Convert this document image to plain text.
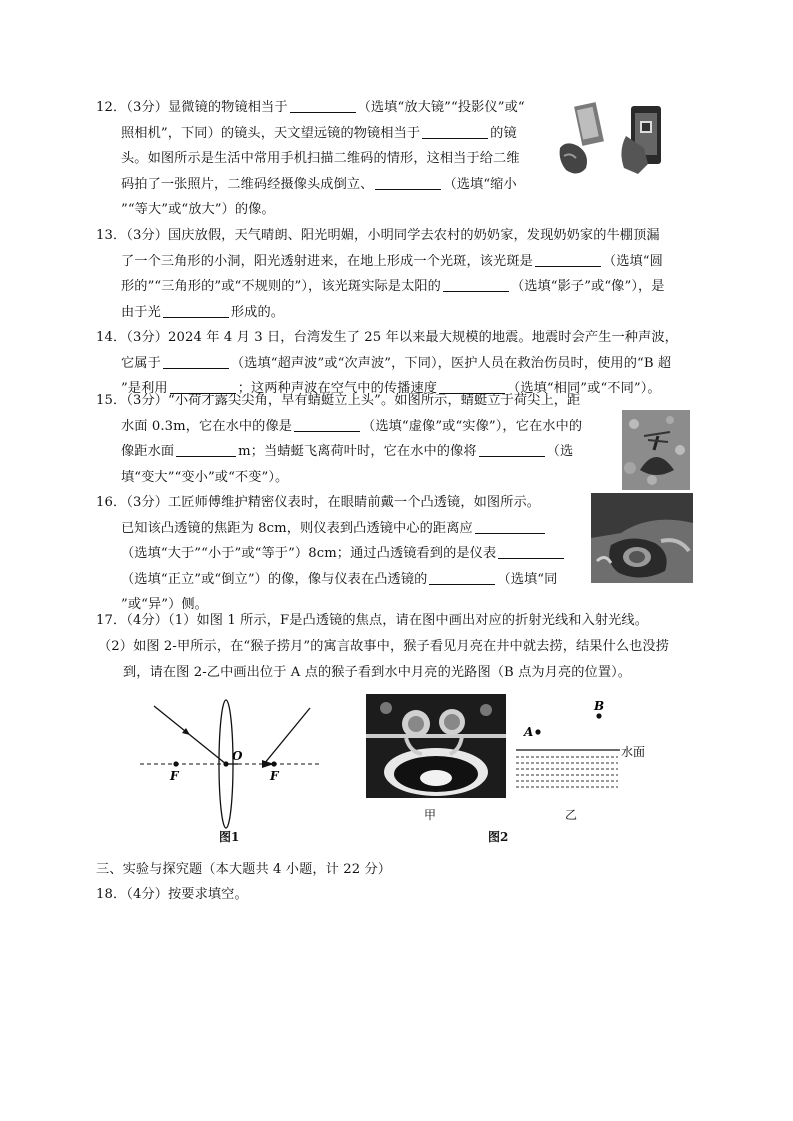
12．（3分）显微镜的物镜相当于	（选填“放大镜”“投影仪”或“

照相机”，下同）的镜头，天文望远镜的物镜相当于	的镜

头。如图所示是生活中常用手机扫描二维码的情形，这相当于给二维

码拍了一张照片，二维码经摄像头成倒立、	（选填“缩小

”“等大”或“放大”）的像。

13．（3分）国庆放假，天气晴朗、阳光明媚，小明同学去农村的奶奶家，发现奶奶家的牛棚顶漏

了一个三角形的小洞，阳光透射进来，在地上形成一个光斑，该光斑是	（选填“圆

形的”“三角形的”或“不规则的”），该光斑实际是太阳的	（选填“影子”或“像”），是

由于光	形成的。

14．（3分）2024 年 4 月 3 日，台湾发生了 25 年以来最大规模的地震。地震时会产生一种声波，

它属于	（选填“超声波”或“次声波”，下同），医护人员在救治伤员时，使用的“B 超

”是利用	；这两种声波在空气中的传播速度	（选填“相同”或“不同”）。

15．（3分）“小荷才露尖尖角，早有蜻蜓立上头”。如图所示，蜻蜓立于荷尖上，距

水面 0.3m，它在水中的像是	（选填“虚像”或“实像”），它在水中的

像距水面	m；当蜻蜓飞离荷叶时，它在水中的像将	（选

填“变大”“变小”或“不变”）。

16．（3分）工匠师傅维护精密仪表时，在眼睛前戴一个凸透镜，如图所示。

已知该凸透镜的焦距为 8cm，则仪表到凸透镜中心的距离应

（选填“大于”“小于”或“等于”）8cm；通过凸透镜看到的是仪表

（选填“正立”或“倒立”）的像，像与仪表在凸透镜的	（选填“同

”或“异”）侧。

17．（4分）（1）如图 1 所示，F是凸透镜的焦点，请在图中画出对应的折射光线和入射光线。

（2）如图 2-甲所示，在“猴子捞月”的寓言故事中，猴子看见月亮在井中就去捞，结果什么也没捞

到，请在图 2-乙中画出位于 A 点的猴子看到水中月亮的光路图（B 点为月亮的位置）。

F
O
F
图1
甲
B
A
水面
乙
图2

三、实验与探究题（本大题共 4 小题，计 22 分）

18．（4分）按要求填空。
